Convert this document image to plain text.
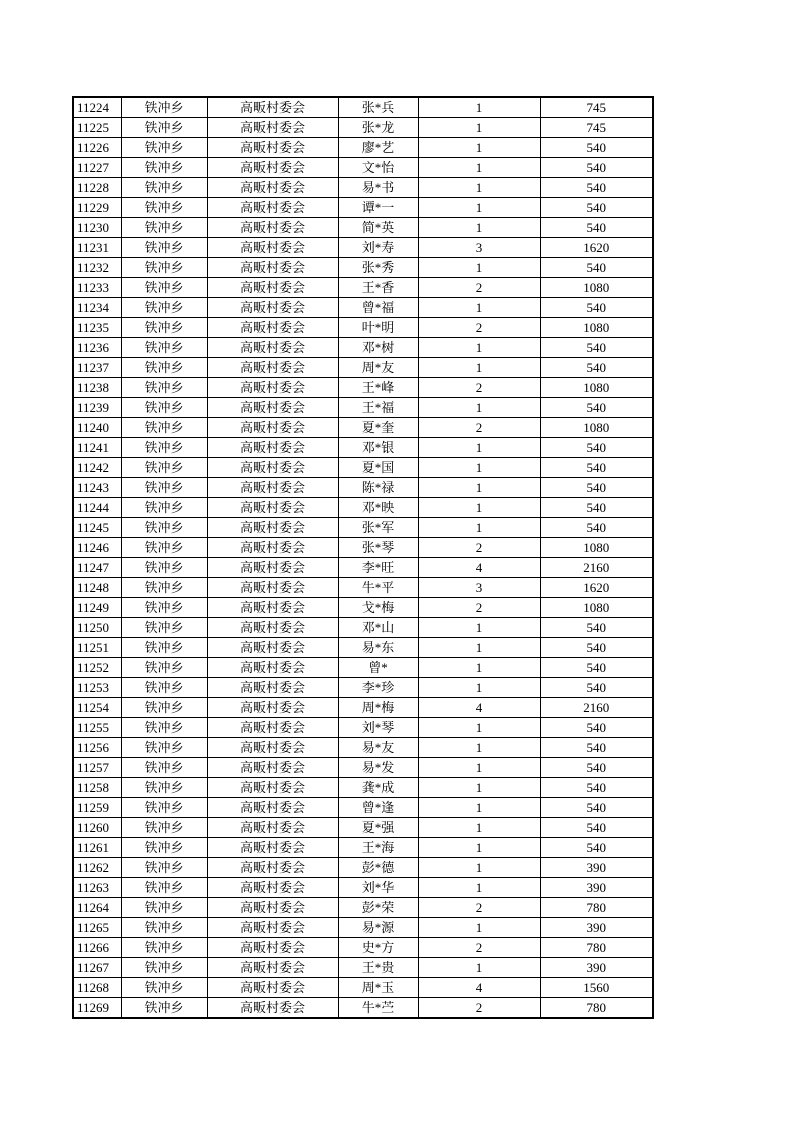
11224	铁冲乡	高畈村委会	张*兵	1	745
11225	铁冲乡	高畈村委会	张*龙	1	745
11226	铁冲乡	高畈村委会	廖*艺	1	540
11227	铁冲乡	高畈村委会	文*怡	1	540
11228	铁冲乡	高畈村委会	易*书	1	540
11229	铁冲乡	高畈村委会	谭*一	1	540
11230	铁冲乡	高畈村委会	简*英	1	540
11231	铁冲乡	高畈村委会	刘*寿	3	1620
11232	铁冲乡	高畈村委会	张*秀	1	540
11233	铁冲乡	高畈村委会	王*香	2	1080
11234	铁冲乡	高畈村委会	曾*福	1	540
11235	铁冲乡	高畈村委会	叶*明	2	1080
11236	铁冲乡	高畈村委会	邓*树	1	540
11237	铁冲乡	高畈村委会	周*友	1	540
11238	铁冲乡	高畈村委会	王*峰	2	1080
11239	铁冲乡	高畈村委会	王*福	1	540
11240	铁冲乡	高畈村委会	夏*奎	2	1080
11241	铁冲乡	高畈村委会	邓*银	1	540
11242	铁冲乡	高畈村委会	夏*国	1	540
11243	铁冲乡	高畈村委会	陈*禄	1	540
11244	铁冲乡	高畈村委会	邓*映	1	540
11245	铁冲乡	高畈村委会	张*军	1	540
11246	铁冲乡	高畈村委会	张*琴	2	1080
11247	铁冲乡	高畈村委会	李*旺	4	2160
11248	铁冲乡	高畈村委会	牛*平	3	1620
11249	铁冲乡	高畈村委会	戈*梅	2	1080
11250	铁冲乡	高畈村委会	邓*山	1	540
11251	铁冲乡	高畈村委会	易*东	1	540
11252	铁冲乡	高畈村委会	曾*	1	540
11253	铁冲乡	高畈村委会	李*珍	1	540
11254	铁冲乡	高畈村委会	周*梅	4	2160
11255	铁冲乡	高畈村委会	刘*琴	1	540
11256	铁冲乡	高畈村委会	易*友	1	540
11257	铁冲乡	高畈村委会	易*发	1	540
11258	铁冲乡	高畈村委会	龚*成	1	540
11259	铁冲乡	高畈村委会	曾*逢	1	540
11260	铁冲乡	高畈村委会	夏*强	1	540
11261	铁冲乡	高畈村委会	王*海	1	540
11262	铁冲乡	高畈村委会	彭*德	1	390
11263	铁冲乡	高畈村委会	刘*华	1	390
11264	铁冲乡	高畈村委会	彭*荣	2	780
11265	铁冲乡	高畈村委会	易*源	1	390
11266	铁冲乡	高畈村委会	史*方	2	780
11267	铁冲乡	高畈村委会	王*贵	1	390
11268	铁冲乡	高畈村委会	周*玉	4	1560
11269	铁冲乡	高畈村委会	牛*苎	2	780
